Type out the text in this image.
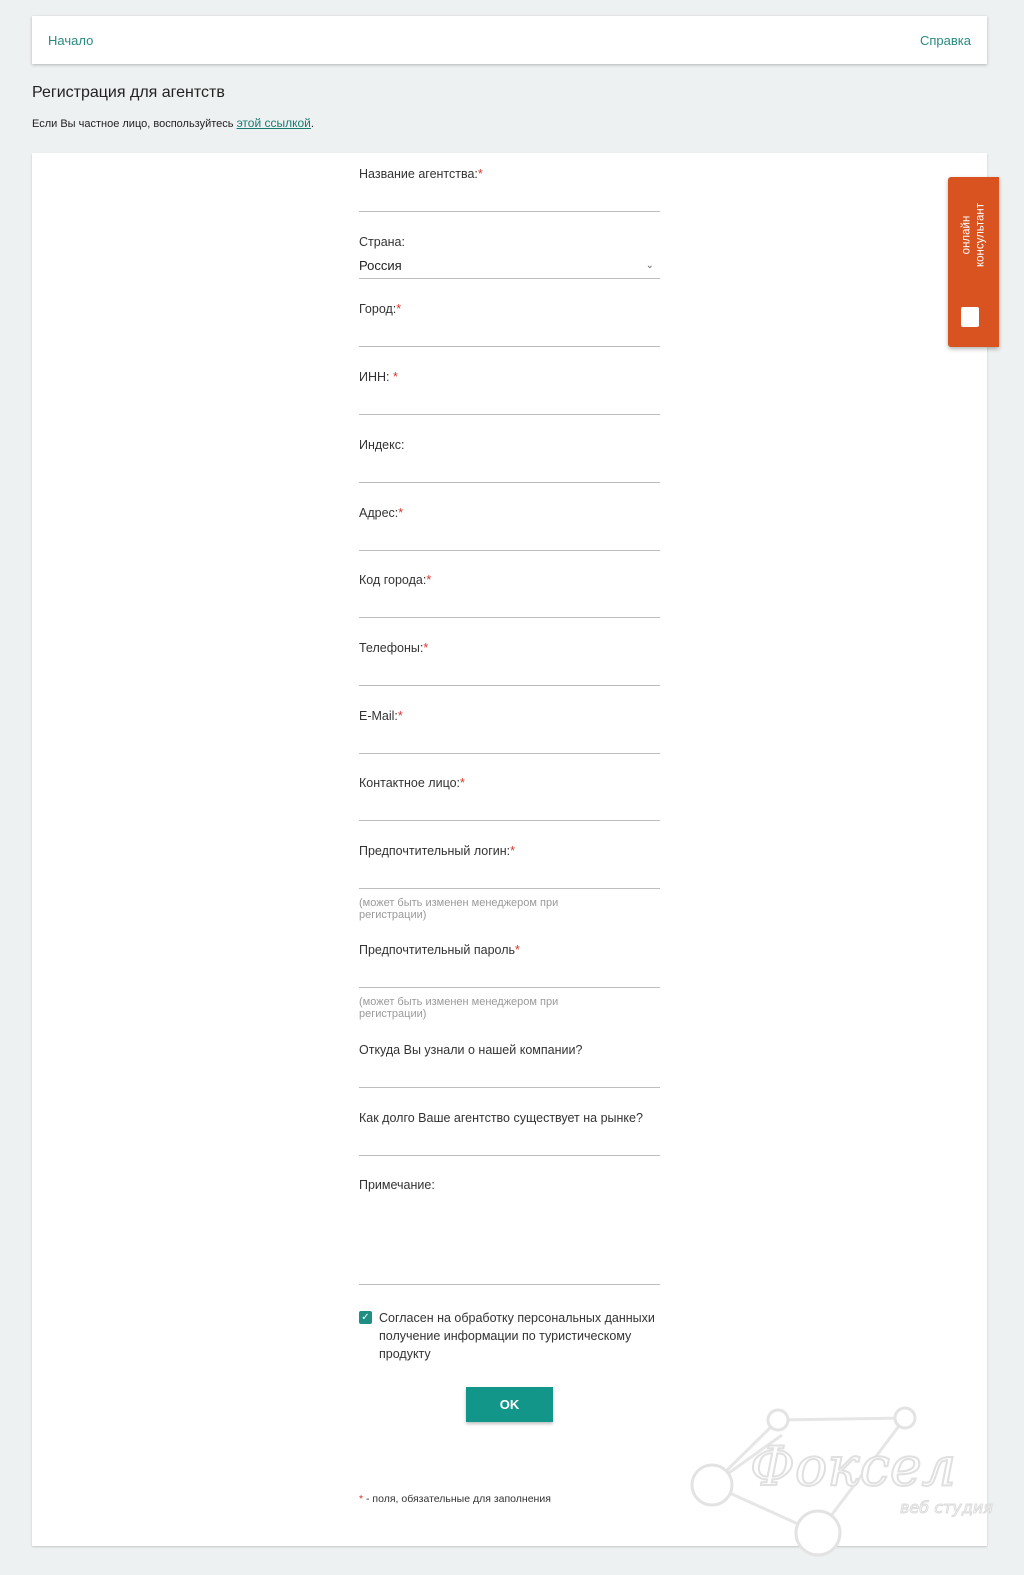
Начало	Справка
Регистрация для агентств
Если Вы частное лицо, воспользуйтесь этой ссылкой.
Название агентства:*
Страна:
Россия	⌄
Город:*
ИНН: *
Индекс:
Адрес:*
Код города:*
Телефоны:*
E-Mail:*
Контактное лицо:*
Предпочтительный логин:*
(может быть изменен менеджером при регистрации)
Предпочтительный пароль*
(может быть изменен менеджером при регистрации)
Откуда Вы узнали о нашей компании?
Как долго Ваше агентство существует на рынке?
Примечание:
✓ Согласен на обработку персональных данныхи получение информации по туристическому продукту
OK
* - поля, обязательные для заполнения
онлайн консультант
Фоксел
веб студия
